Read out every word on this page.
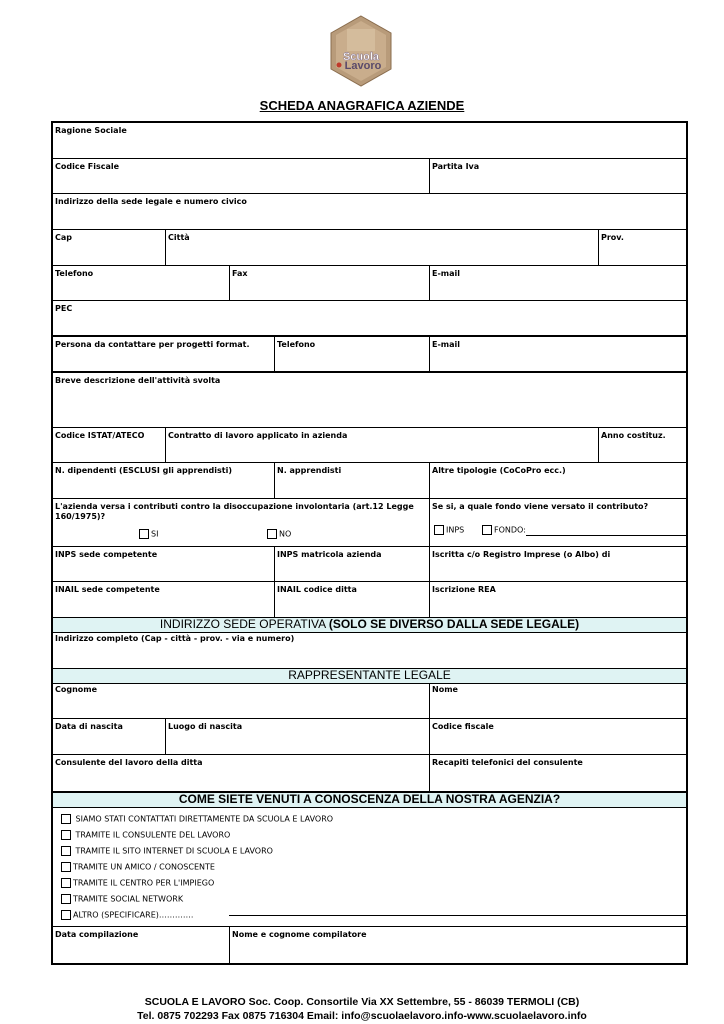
Scuola
Lavoro
SCHEDA ANAGRAFICA AZIENDE
Ragione Sociale
Codice Fiscale	Partita Iva
Indirizzo della sede legale e numero civico
Cap	Città	Prov.
Telefono	Fax	E-mail
PEC
Persona da contattare per progetti format.	Telefono	E-mail
Breve descrizione dell'attività svolta
Codice ISTAT/ATECO	Contratto di lavoro applicato in azienda	Anno costituz.
N. dipendenti (ESCLUSI gli apprendisti)	N. apprendisti	Altre tipologie (CoCoPro ecc.)
L'azienda versa i contributi contro la disoccupazione involontaria (art.12 Legge 160/1975)?
SI	NO
Se si, a quale fondo viene versato il contributo?
INPS	FONDO:
INPS sede competente	INPS matricola azienda	Iscritta c/o Registro Imprese (o Albo) di
INAIL sede competente	INAIL codice ditta	Iscrizione REA
INDIRIZZO SEDE OPERATIVA (SOLO SE DIVERSO DALLA SEDE LEGALE)
Indirizzo completo (Cap - città - prov. - via e numero)
RAPPRESENTANTE LEGALE
Cognome	Nome
Data di nascita	Luogo di nascita	Codice fiscale
Consulente del lavoro della ditta	Recapiti telefonici del consulente
COME SIETE VENUTI A CONOSCENZA DELLA NOSTRA AGENZIA?
SIAMO STATI CONTATTATI DIRETTAMENTE DA SCUOLA E LAVORO
TRAMITE IL CONSULENTE DEL LAVORO
TRAMITE IL SITO INTERNET DI SCUOLA E LAVORO
TRAMITE UN AMICO / CONOSCENTE
TRAMITE IL CENTRO PER L'IMPIEGO
TRAMITE SOCIAL NETWORK
ALTRO (SPECIFICARE)………….
Data compilazione	Nome e cognome compilatore
SCUOLA E LAVORO Soc. Coop. Consortile Via XX Settembre, 55 - 86039 TERMOLI (CB)
Tel. 0875 702293 Fax 0875 716304 Email: info@scuolaelavoro.info-www.scuolaelavoro.info
